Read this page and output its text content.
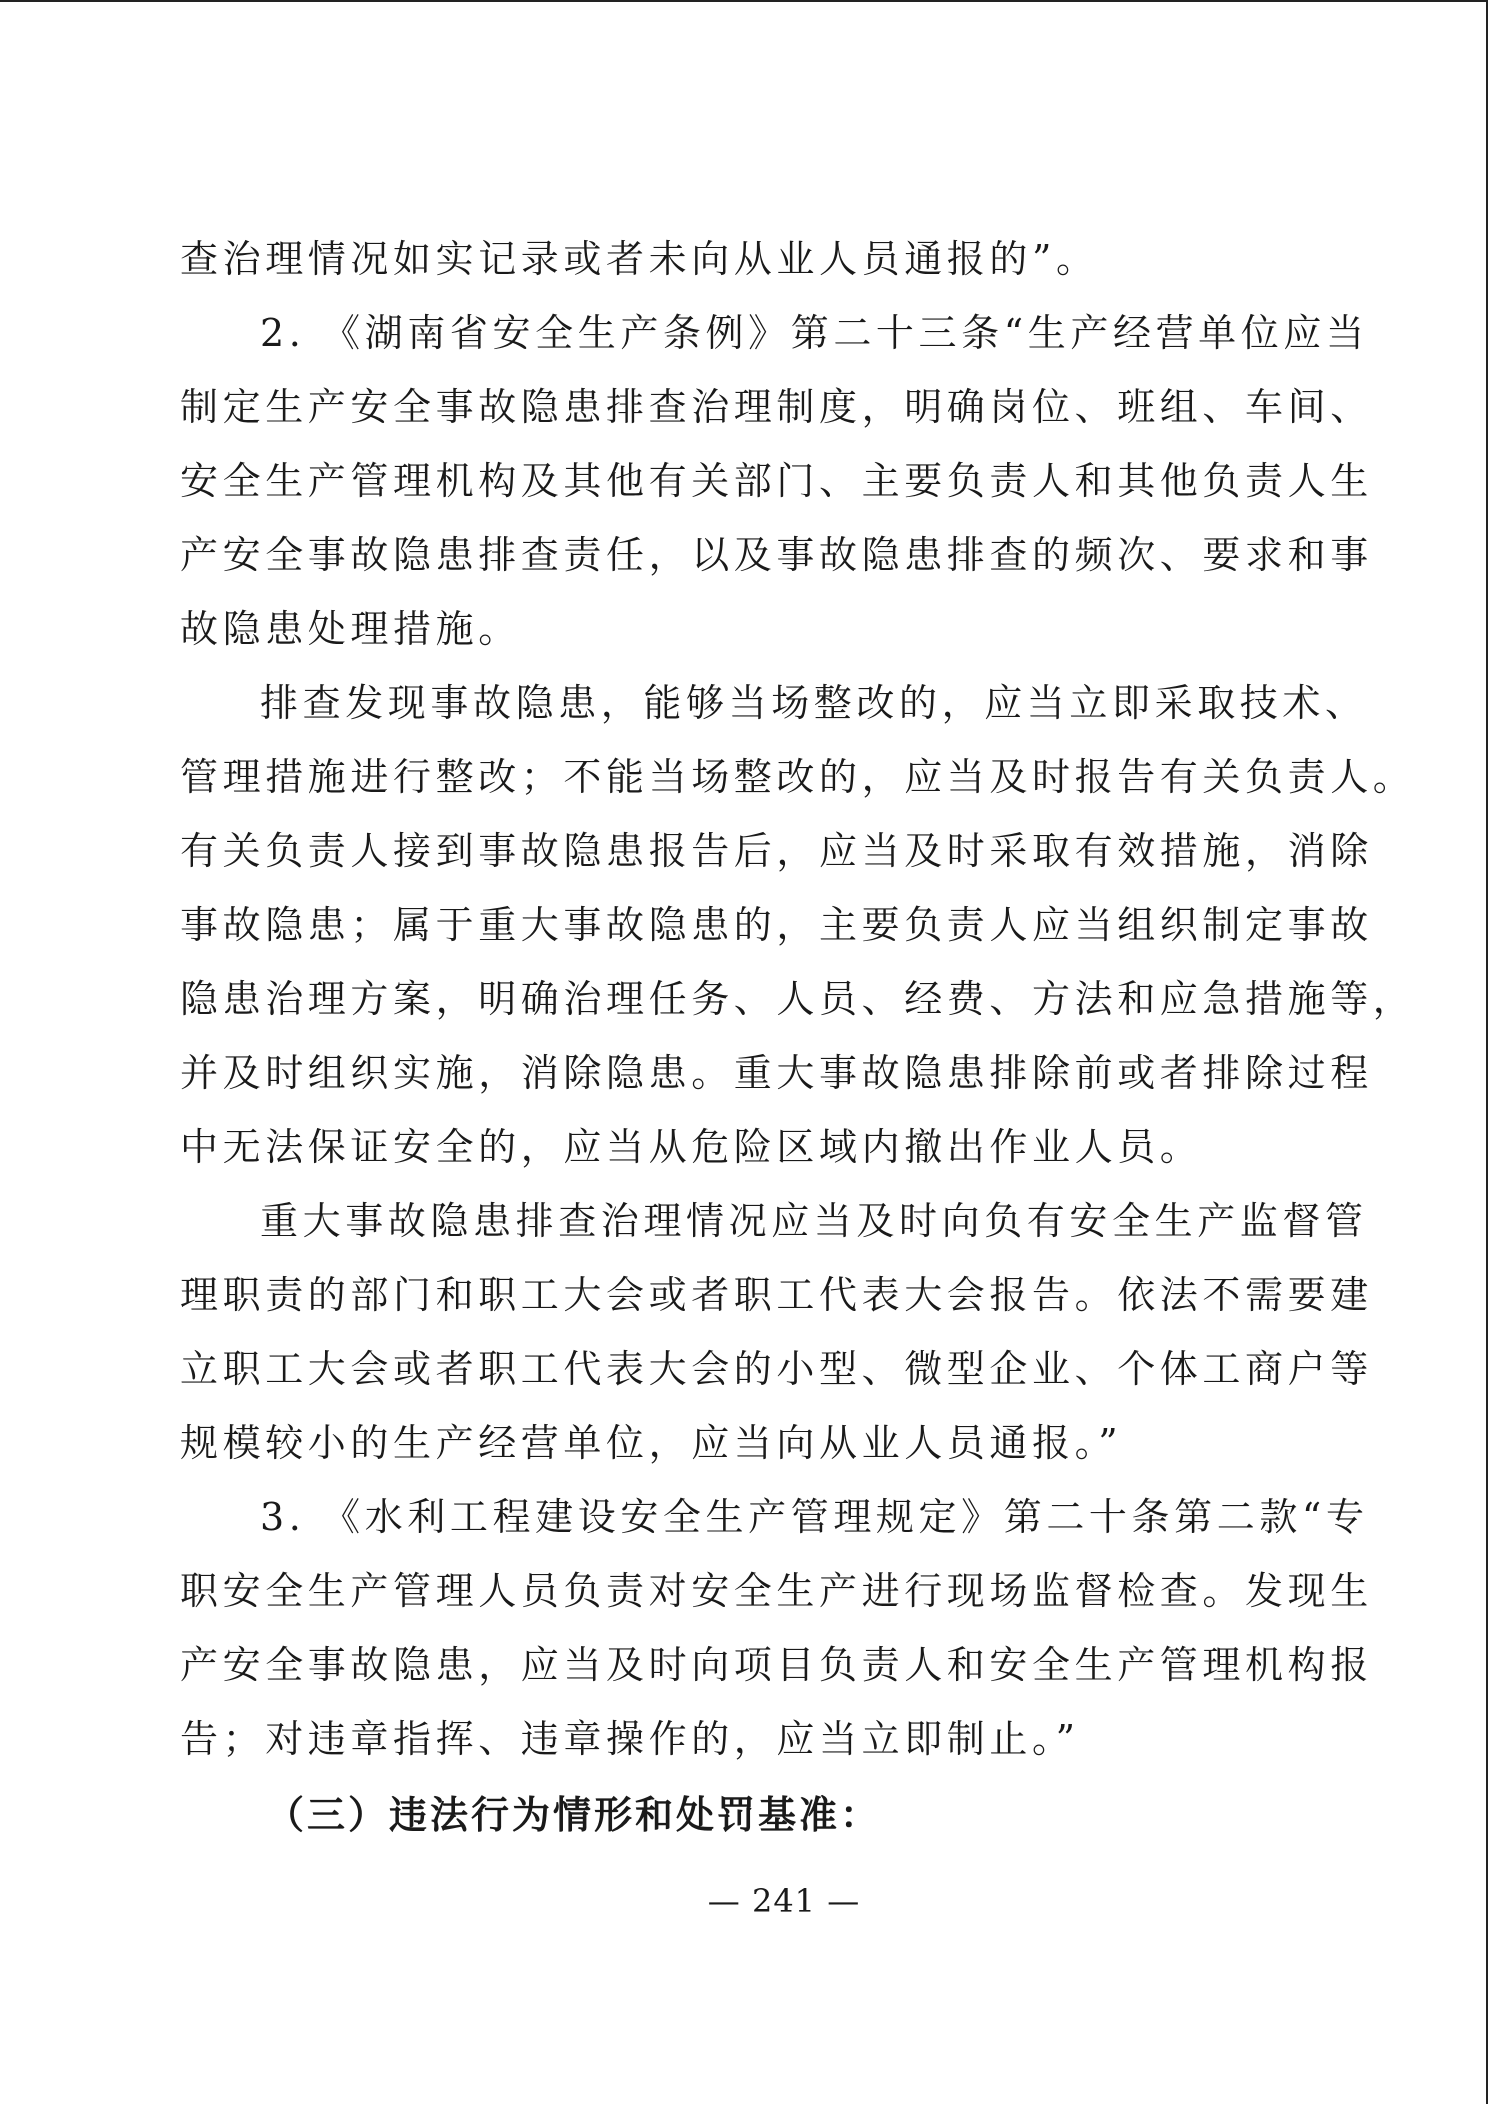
查治理情况如实记录或者未向从业人员通报的”。
2. 《湖南省安全生产条例》第二十三条“生产经营单位应当
制定生产安全事故隐患排查治理制度，明确岗位、班组、车间、
安全生产管理机构及其他有关部门、主要负责人和其他负责人生
产安全事故隐患排查责任，以及事故隐患排查的频次、要求和事
故隐患处理措施。
排查发现事故隐患，能够当场整改的，应当立即采取技术、
管理措施进行整改；不能当场整改的，应当及时报告有关负责人。
有关负责人接到事故隐患报告后，应当及时采取有效措施，消除
事故隐患；属于重大事故隐患的，主要负责人应当组织制定事故
隐患治理方案，明确治理任务、人员、经费、方法和应急措施等，
并及时组织实施，消除隐患。重大事故隐患排除前或者排除过程
中无法保证安全的，应当从危险区域内撤出作业人员。
重大事故隐患排查治理情况应当及时向负有安全生产监督管
理职责的部门和职工大会或者职工代表大会报告。依法不需要建
立职工大会或者职工代表大会的小型、微型企业、个体工商户等
规模较小的生产经营单位，应当向从业人员通报。”
3. 《水利工程建设安全生产管理规定》第二十条第二款“专
职安全生产管理人员负责对安全生产进行现场监督检查。发现生
产安全事故隐患，应当及时向项目负责人和安全生产管理机构报
告；对违章指挥、违章操作的，应当立即制止。”
（三）违法行为情形和处罚基准：
— 241 —
